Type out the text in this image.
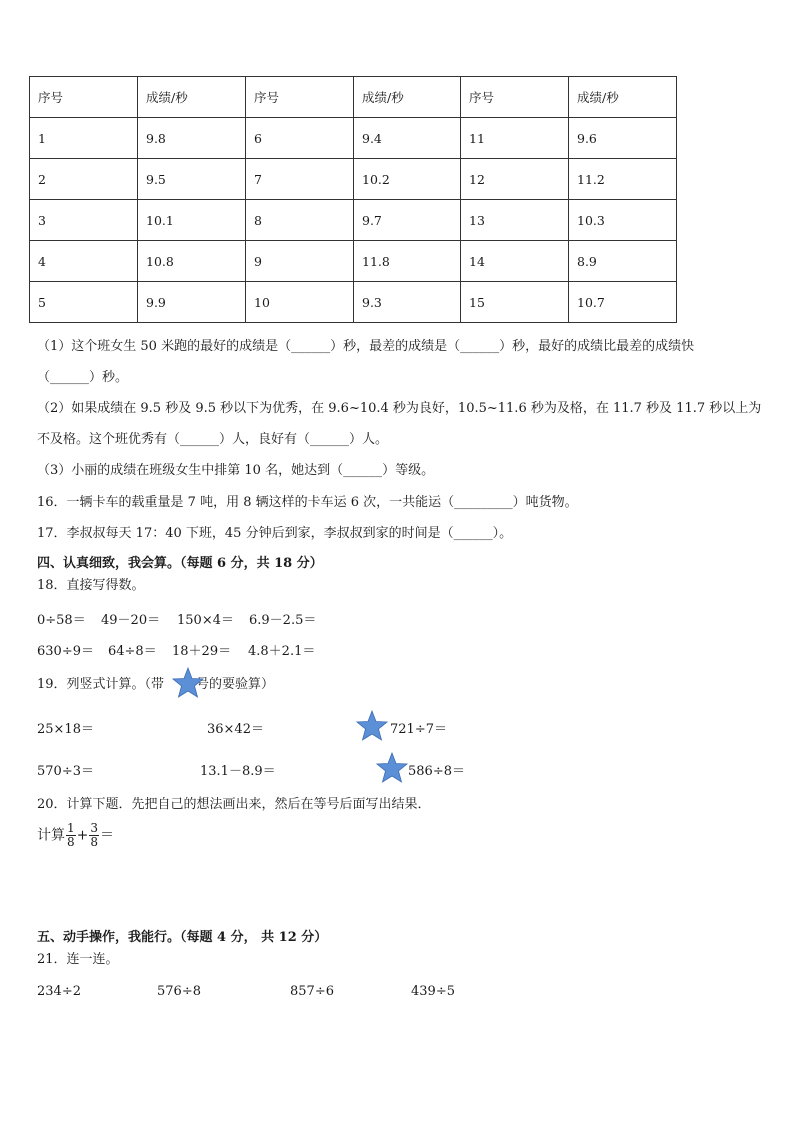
序号	成绩/秒	序号	成绩/秒	序号	成绩/秒
1	9.8	6	9.4	11	9.6
2	9.5	7	10.2	12	11.2
3	10.1	8	9.7	13	10.3
4	10.8	9	11.8	14	8.9
5	9.9	10	9.3	15	10.7
（1）这个班女生 50 米跑的最好的成绩是（______）秒，最差的成绩是（______）秒，最好的成绩比最差的成绩快
（______）秒。
（2）如果成绩在 9.5 秒及 9.5 秒以下为优秀，在 9.6~10.4 秒为良好，10.5~11.6 秒为及格，在 11.7 秒及 11.7 秒以上为
不及格。这个班优秀有（______）人，良好有（______）人。
（3）小丽的成绩在班级女生中排第 10 名，她达到（______）等级。
16．一辆卡车的载重量是 7 吨，用 8 辆这样的卡车运 6 次，一共能运（_________）吨货物。
17．李叔叔每天 17：40 下班，45 分钟后到家，李叔叔到家的时间是（______）。
四、认真细致，我会算。（每题 6 分，共 18 分）
18．直接写得数。
0÷58＝ 49－20＝ 150×4＝ 6.9－2.5＝
630÷9＝ 64÷8＝ 18＋29＝ 4.8＋2.1＝
19．列竖式计算。（带 号的要验算）
25×18＝	36×42＝	721÷7＝
570÷3＝	13.1－8.9＝	586÷8＝
20．计算下题．先把自己的想法画出来，然后在等号后面写出结果．
计算 $\frac{1}{8} + \frac{3}{8}$ ＝
五、动手操作，我能行。（每题 4 分， 共 12 分）
21．连一连。
234÷2	576÷8	857÷6	439÷5
